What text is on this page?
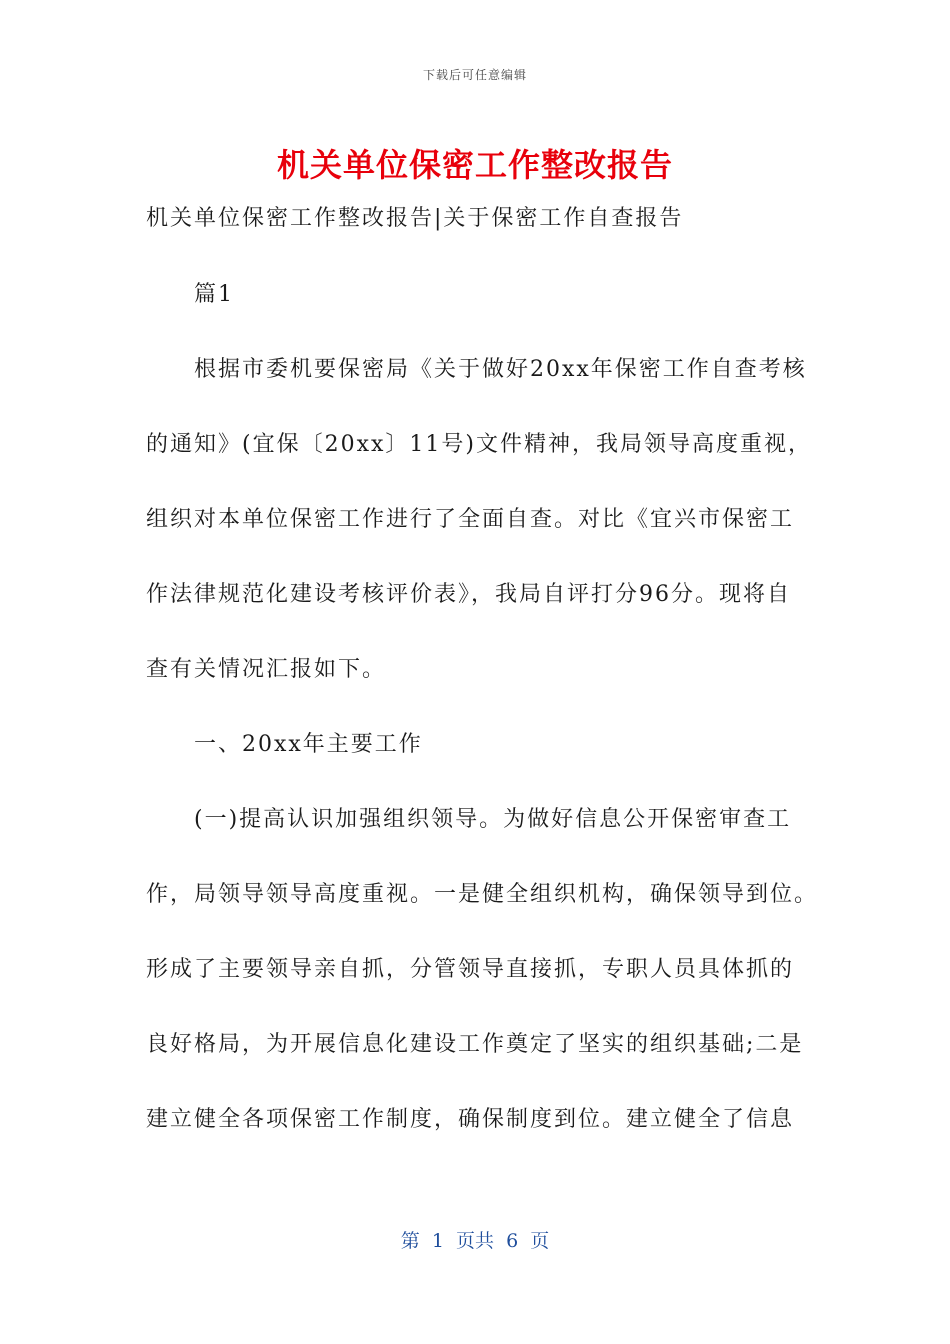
下载后可任意编辑
机关单位保密工作整改报告
机关单位保密工作整改报告|关于保密工作自查报告
篇1
根据市委机要保密局《关于做好20xx年保密工作自查考核
的通知》(宜保〔20xx〕11号)文件精神，我局领导高度重视，
组织对本单位保密工作进行了全面自查。对比《宜兴市保密工
作法律规范化建设考核评价表》，我局自评打分96分。现将自
查有关情况汇报如下。
一、20xx年主要工作
(一)提高认识加强组织领导。为做好信息公开保密审查工
作，局领导领导高度重视。一是健全组织机构，确保领导到位。
形成了主要领导亲自抓，分管领导直接抓，专职人员具体抓的
良好格局，为开展信息化建设工作奠定了坚实的组织基础;二是
建立健全各项保密工作制度，确保制度到位。建立健全了信息
第  1  页共  6  页
